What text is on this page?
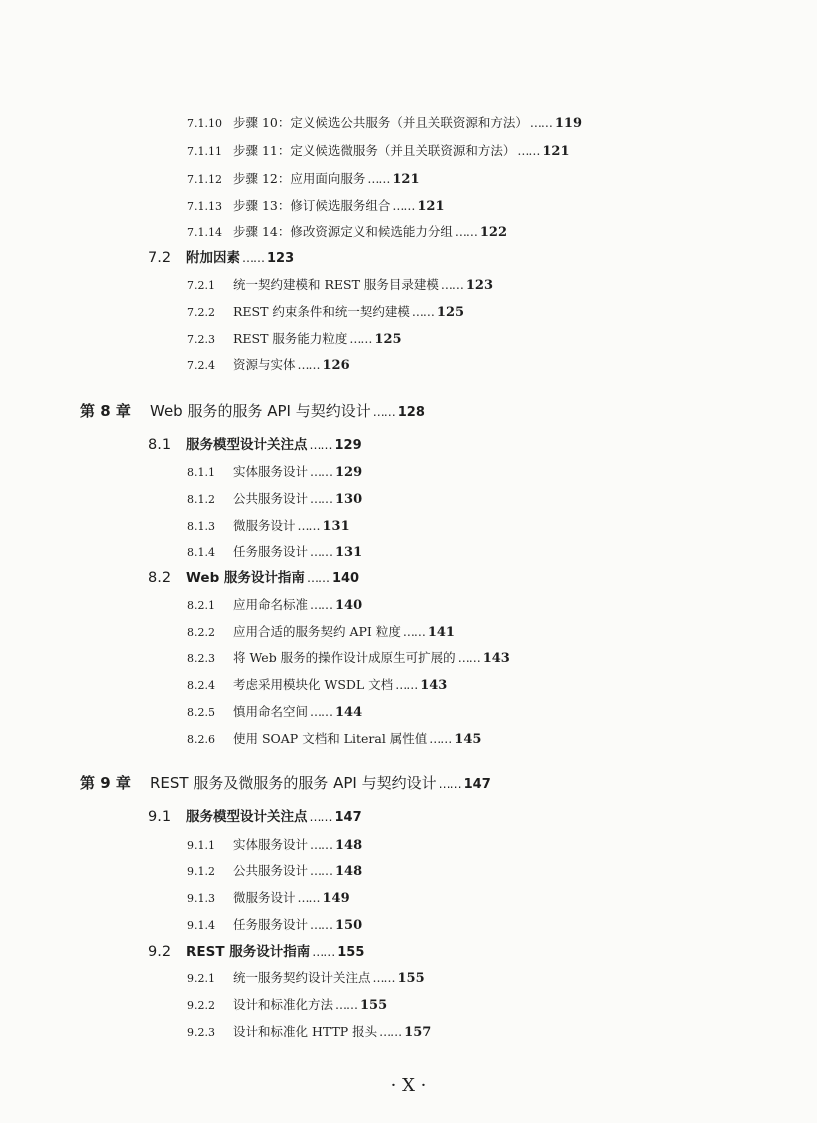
7.1.10 步骤 10：定义候选公共服务（并且关联资源和方法） …… 119
7.1.11 步骤 11：定义候选微服务（并且关联资源和方法） …… 121
7.1.12 步骤 12：应用面向服务 …… 121
7.1.13 步骤 13：修订候选服务组合 …… 121
7.1.14 步骤 14：修改资源定义和候选能力分组 …… 122
7.2 附加因素 …… 123
7.2.1 统一契约建模和 REST 服务目录建模 …… 123
7.2.2 REST 约束条件和统一契约建模 …… 125
7.2.3 REST 服务能力粒度 …… 125
7.2.4 资源与实体 …… 126
第 8 章 Web 服务的服务 API 与契约设计 …… 128
8.1 服务模型设计关注点 …… 129
8.1.1 实体服务设计 …… 129
8.1.2 公共服务设计 …… 130
8.1.3 微服务设计 …… 131
8.1.4 任务服务设计 …… 131
8.2 Web 服务设计指南 …… 140
8.2.1 应用命名标准 …… 140
8.2.2 应用合适的服务契约 API 粒度 …… 141
8.2.3 将 Web 服务的操作设计成原生可扩展的 …… 143
8.2.4 考虑采用模块化 WSDL 文档 …… 143
8.2.5 慎用命名空间 …… 144
8.2.6 使用 SOAP 文档和 Literal 属性值 …… 145
第 9 章 REST 服务及微服务的服务 API 与契约设计 …… 147
9.1 服务模型设计关注点 …… 147
9.1.1 实体服务设计 …… 148
9.1.2 公共服务设计 …… 148
9.1.3 微服务设计 …… 149
9.1.4 任务服务设计 …… 150
9.2 REST 服务设计指南 …… 155
9.2.1 统一服务契约设计关注点 …… 155
9.2.2 设计和标准化方法 …… 155
9.2.3 设计和标准化 HTTP 报头 …… 157
· X ·
